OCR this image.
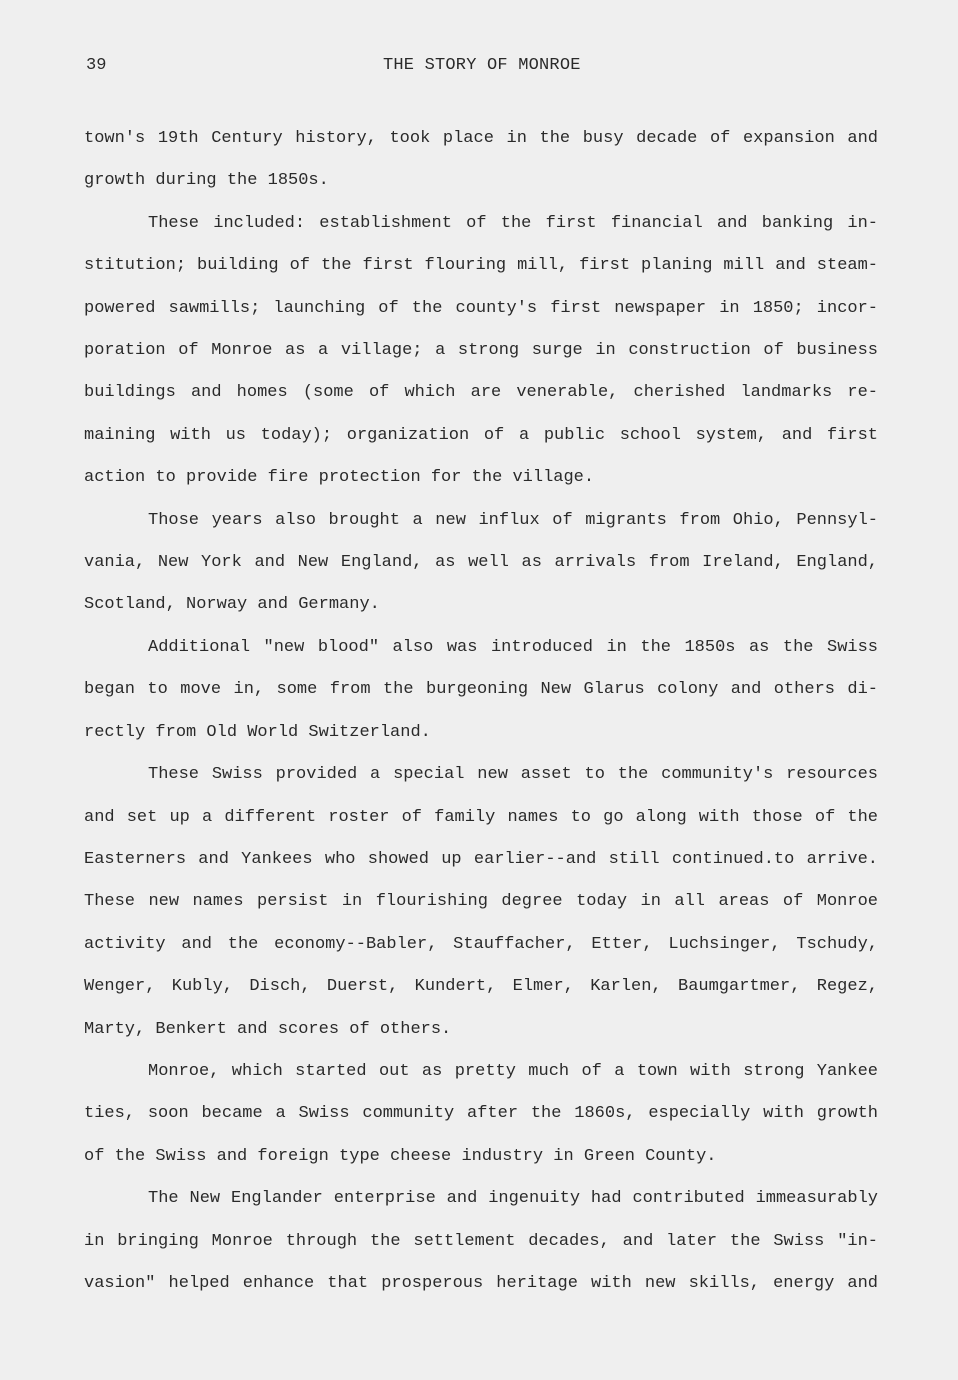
39	THE STORY OF MONROE
town's 19th Century history, took place in the busy decade of expansion and
growth during the 1850s.
These included: establishment of the first financial and banking in-
stitution; building of the first flouring mill, first planing mill and steam-
powered sawmills; launching of the county's first newspaper in 1850; incor-
poration of Monroe as a village; a strong surge in construction of business
buildings and homes (some of which are venerable, cherished landmarks re-
maining with us today); organization of a public school system, and first
action to provide fire protection for the village.
Those years also brought a new influx of migrants from Ohio, Pennsyl-
vania, New York and New England, as well as arrivals from Ireland, England,
Scotland, Norway and Germany.
Additional "new blood" also was introduced in the 1850s as the Swiss
began to move in, some from the burgeoning New Glarus colony and others di-
rectly from Old World Switzerland.
These Swiss provided a special new asset to the community's resources
and set up a different roster of family names to go along with those of the
Easterners and Yankees who showed up earlier--and still continued.to arrive.
These new names persist in flourishing degree today in all areas of Monroe
activity and the economy--Babler, Stauffacher, Etter, Luchsinger, Tschudy,
Wenger, Kubly, Disch, Duerst, Kundert, Elmer, Karlen, Baumgartmer, Regez,
Marty, Benkert and scores of others.
Monroe, which started out as pretty much of a town with strong Yankee
ties, soon became a Swiss community after the 1860s, especially with growth
of the Swiss and foreign type cheese industry in Green County.
The New Englander enterprise and ingenuity had contributed immeasurably
in bringing Monroe through the settlement decades, and later the Swiss "in-
vasion" helped enhance that prosperous heritage with new skills, energy and
